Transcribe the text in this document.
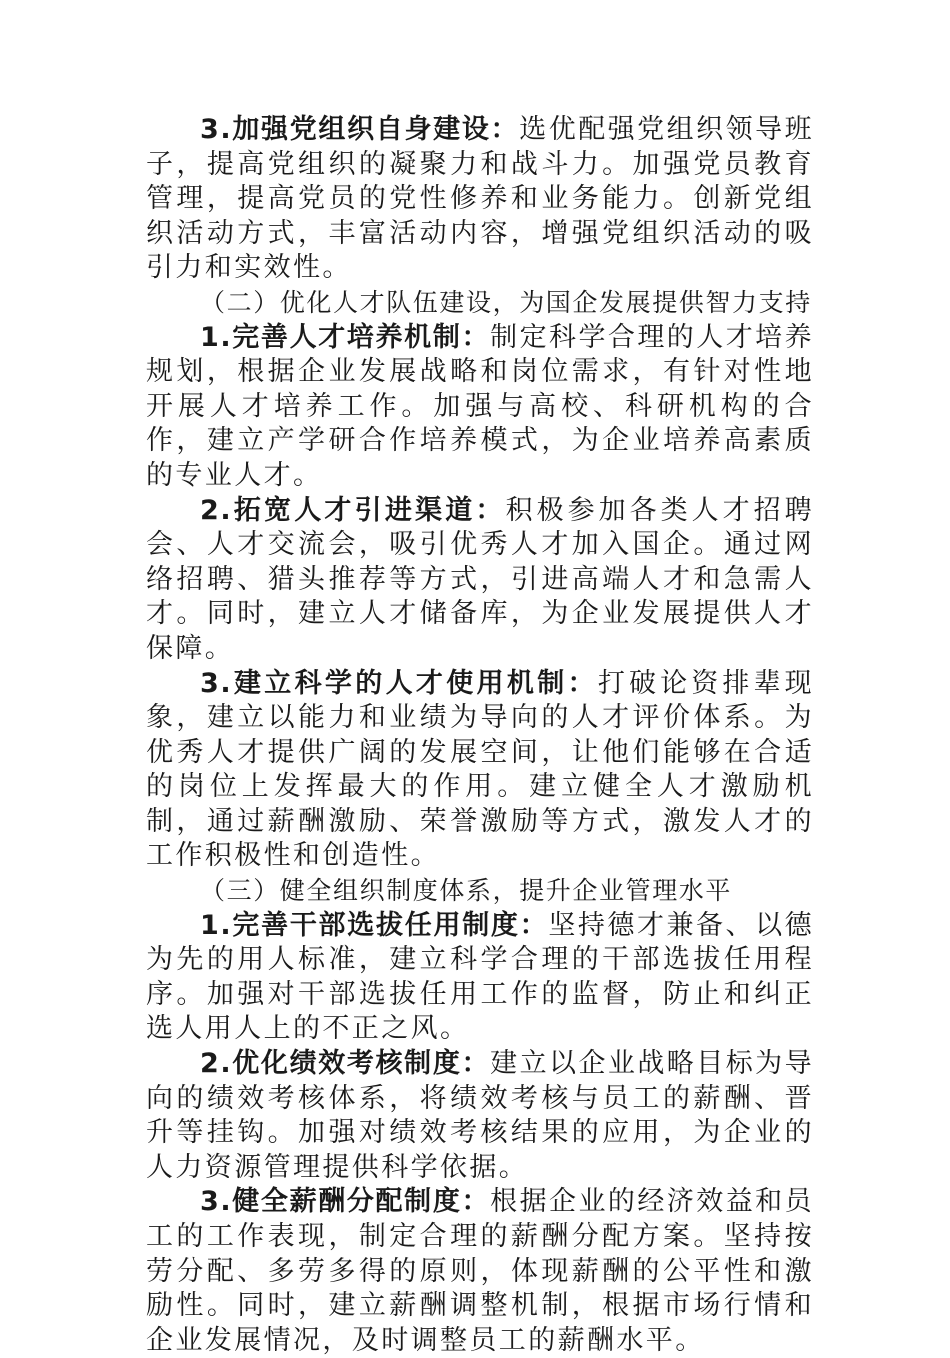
3.加强党组织自身建设：选优配强党组织领导班子，提高党组织的凝聚力和战斗力。加强党员教育管理，提高党员的党性修养和业务能力。创新党组织活动方式，丰富活动内容，增强党组织活动的吸引力和实效性。

（二）优化人才队伍建设，为国企发展提供智力支持

1.完善人才培养机制：制定科学合理的人才培养规划，根据企业发展战略和岗位需求，有针对性地开展人才培养工作。加强与高校、科研机构的合作，建立产学研合作培养模式，为企业培养高素质的专业人才。

2.拓宽人才引进渠道：积极参加各类人才招聘会、人才交流会，吸引优秀人才加入国企。通过网络招聘、猎头推荐等方式，引进高端人才和急需人才。同时，建立人才储备库，为企业发展提供人才保障。

3.建立科学的人才使用机制：打破论资排辈现象，建立以能力和业绩为导向的人才评价体系。为优秀人才提供广阔的发展空间，让他们能够在合适的岗位上发挥最大的作用。建立健全人才激励机制，通过薪酬激励、荣誉激励等方式，激发人才的工作积极性和创造性。

（三）健全组织制度体系，提升企业管理水平

1.完善干部选拔任用制度：坚持德才兼备、以德为先的用人标准，建立科学合理的干部选拔任用程序。加强对干部选拔任用工作的监督，防止和纠正选人用人上的不正之风。

2.优化绩效考核制度：建立以企业战略目标为导向的绩效考核体系，将绩效考核与员工的薪酬、晋升等挂钩。加强对绩效考核结果的应用，为企业的人力资源管理提供科学依据。

3.健全薪酬分配制度：根据企业的经济效益和员工的工作表现，制定合理的薪酬分配方案。坚持按劳分配、多劳多得的原则，体现薪酬的公平性和激励性。同时，建立薪酬调整机制，根据市场行情和企业发展情况，及时调整员工的薪酬水平。
